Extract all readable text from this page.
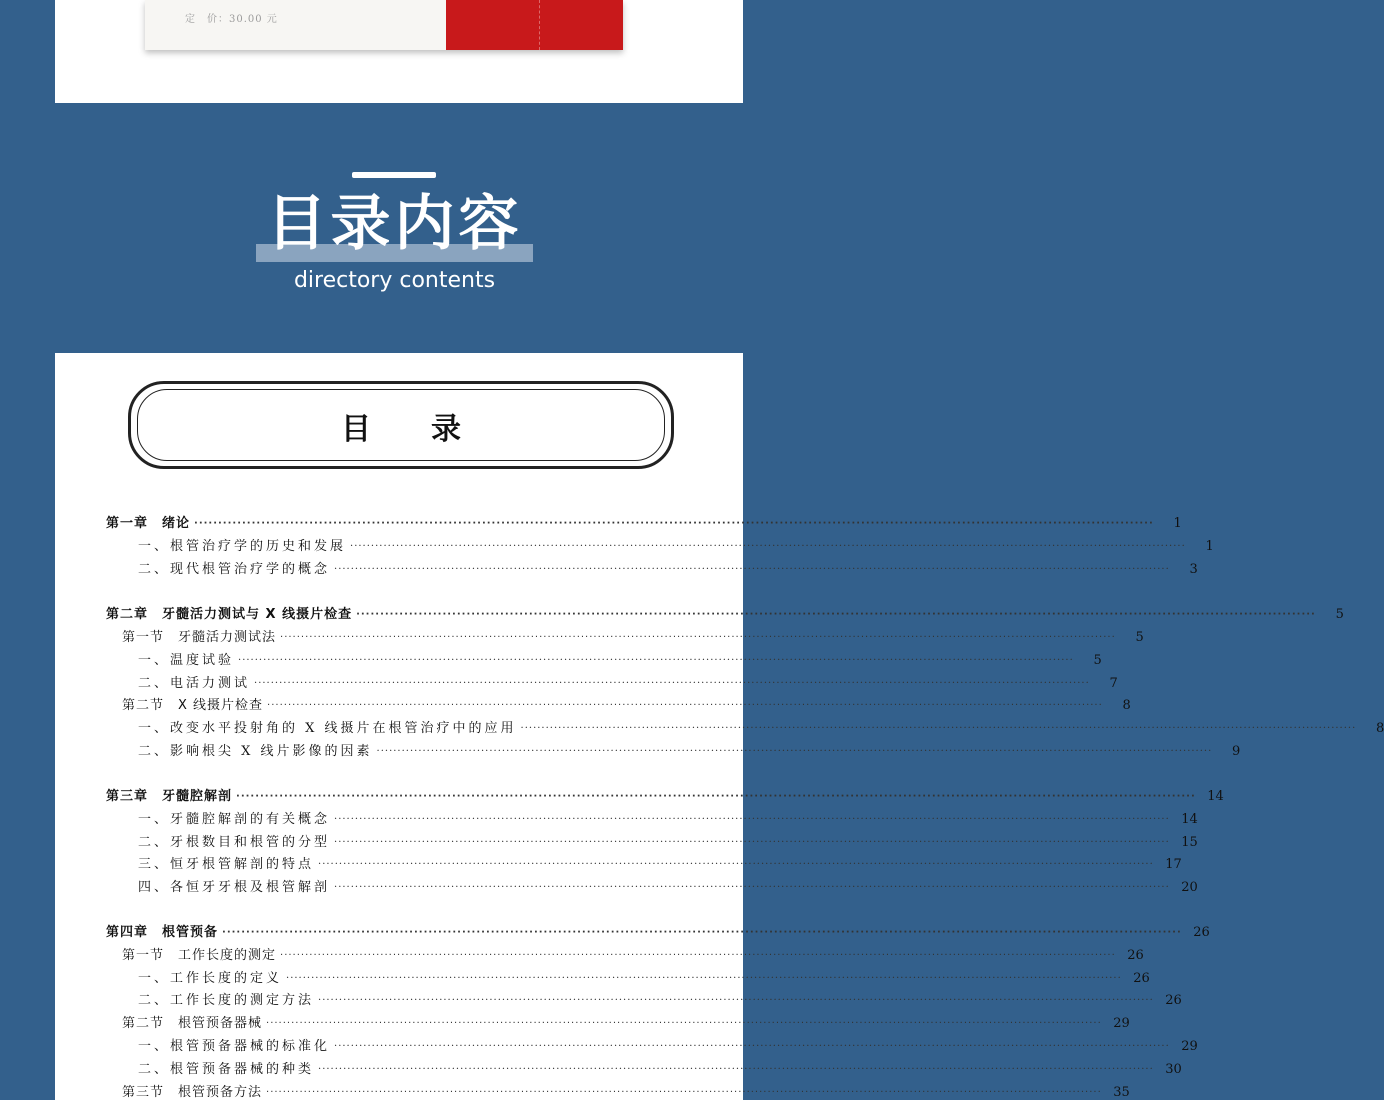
定　价：30.00 元
目录内容
directory contents
目录
第一章　绪论 ········································································································································································································	1
一、根管治疗学的历史和发展 ········································································································································································································	1
二、现代根管治疗学的概念 ········································································································································································································	3
第二章　牙髓活力测试与 X 线摄片检查 ········································································································································································································	5
第一节　牙髓活力测试法 ········································································································································································································	5
一、温度试验 ········································································································································································································	5
二、电活力测试 ········································································································································································································	7
第二节　X 线摄片检查 ········································································································································································································	8
一、改变水平投射角的 X 线摄片在根管治疗中的应用 ········································································································································································································	8
二、影响根尖 X 线片影像的因素 ········································································································································································································	9
第三章　牙髓腔解剖 ········································································································································································································ 14
一、牙髓腔解剖的有关概念 ········································································································································································································ 14
二、牙根数目和根管的分型 ········································································································································································································ 15
三、恒牙根管解剖的特点 ········································································································································································································ 17
四、各恒牙牙根及根管解剖 ········································································································································································································ 20
第四章　根管预备 ········································································································································································································ 26
第一节　工作长度的测定 ········································································································································································································ 26
一、工作长度的定义 ········································································································································································································ 26
二、工作长度的测定方法 ········································································································································································································ 26
第二节　根管预备器械 ········································································································································································································ 29
一、根管预备器械的标准化 ········································································································································································································ 29
二、根管预备器械的种类 ········································································································································································································ 30
第三节　根管预备方法 ········································································································································································································ 35
